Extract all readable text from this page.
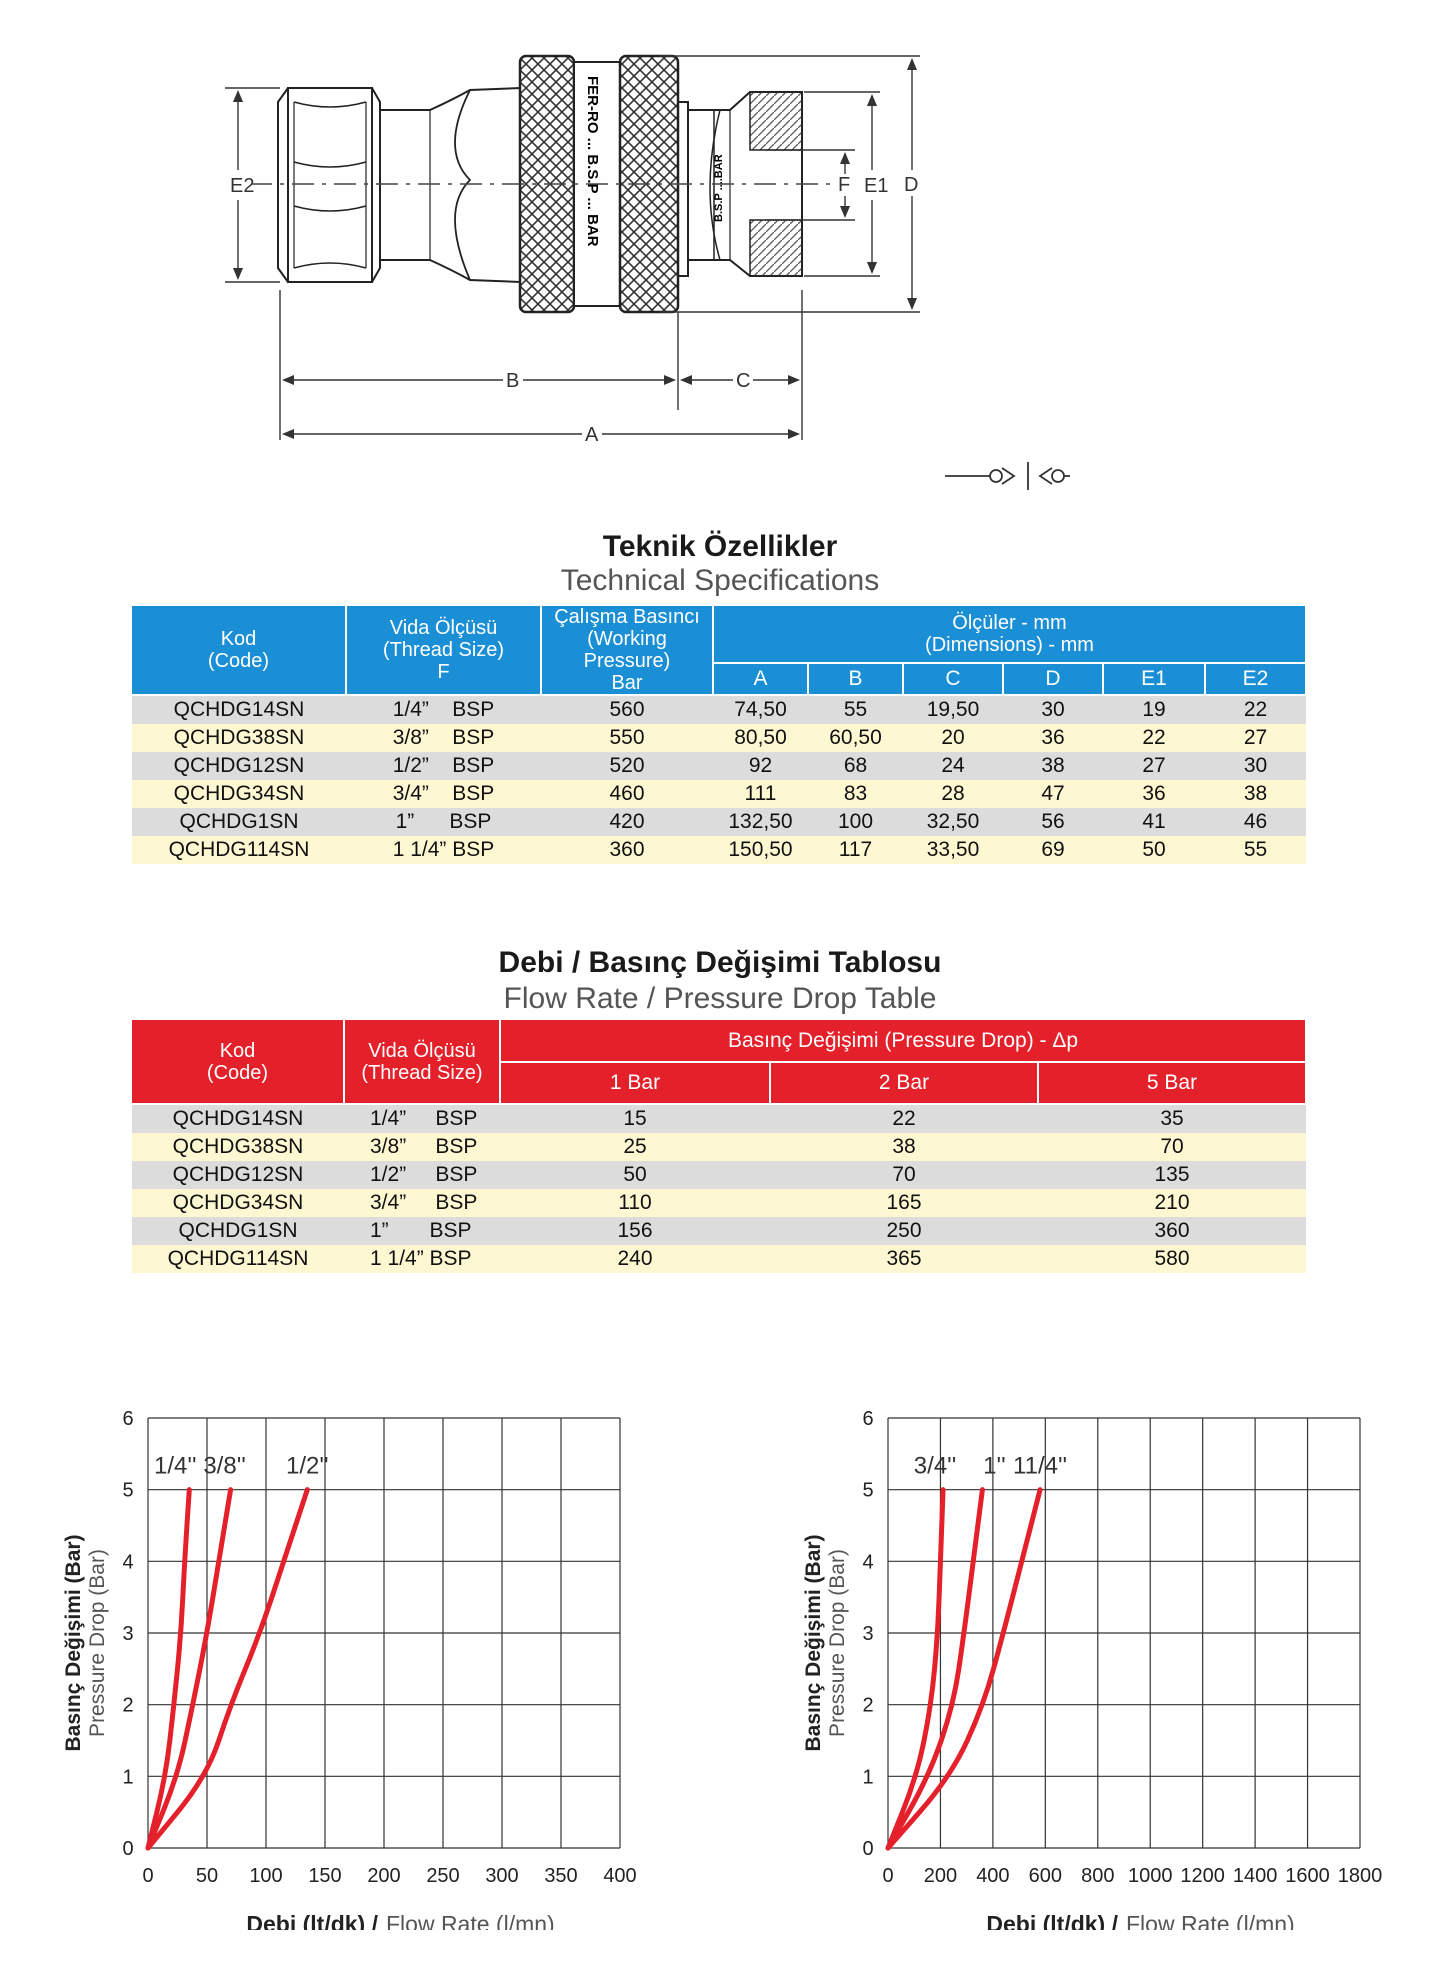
FER-RO ... B.S.P ... BAR	B.S.P ....BAR
E2
B	C
A
F E1 D
Teknik Özellikler
Technical Specifications
Kod
(Code)	Vida Ölçüsü
(Thread Size)
F	Çalışma Basıncı
(Working Pressure)
Bar	Ölçüler - mm
(Dimensions) - mm					

			A	B	C	D	E1	E2
QCHDG14SN	1/4” BSP	560	74,50	55	19,50	30	19	22
QCHDG38SN	3/8” BSP	550	80,50	60,50	20	36	22	27
QCHDG12SN	1/2” BSP	520	92	68	24	38	27	30
QCHDG34SN	3/4” BSP	460	111	83	28	47	36	38
QCHDG1SN	1” BSP	420	132,50	100	32,50	56	41	46
QCHDG114SN	1 1/4” BSP	360	150,50	117	33,50	69	50	55
Debi / Basınç Değişimi Tablosu
Flow Rate / Pressure Drop Table
Kod
(Code)	Vida Ölçüsü
(Thread Size)	Basınç Değişimi (Pressure Drop) - Δp		
		1 Bar	2 Bar	5 Bar
QCHDG14SN	1/4” BSP	15	22	35
QCHDG38SN	3/8” BSP	25	38	70
QCHDG12SN	1/2” BSP	50	70	135
QCHDG34SN	3/4” BSP	110	165	210
QCHDG1SN	1” BSP	156	250	360
QCHDG114SN	1 1/4” BSP	240	365	580
0 50 100 150 200 250 300 350 400
0
1
2
3
4
5
6
1/4'' 3/8'' 1/2''
Basınç Değişimi (Bar) Pressure Drop (Bar)
Debi (lt/dk) / Flow Rate (l/mn)
0 200 400 600 800 1000 1200 1400 1600 1800
0
1
2
3
4
5
6
3/4'' 1'' 11/4''
Basınç Değişimi (Bar) Pressure Drop (Bar)
Debi (lt/dk) / Flow Rate (l/mn)
